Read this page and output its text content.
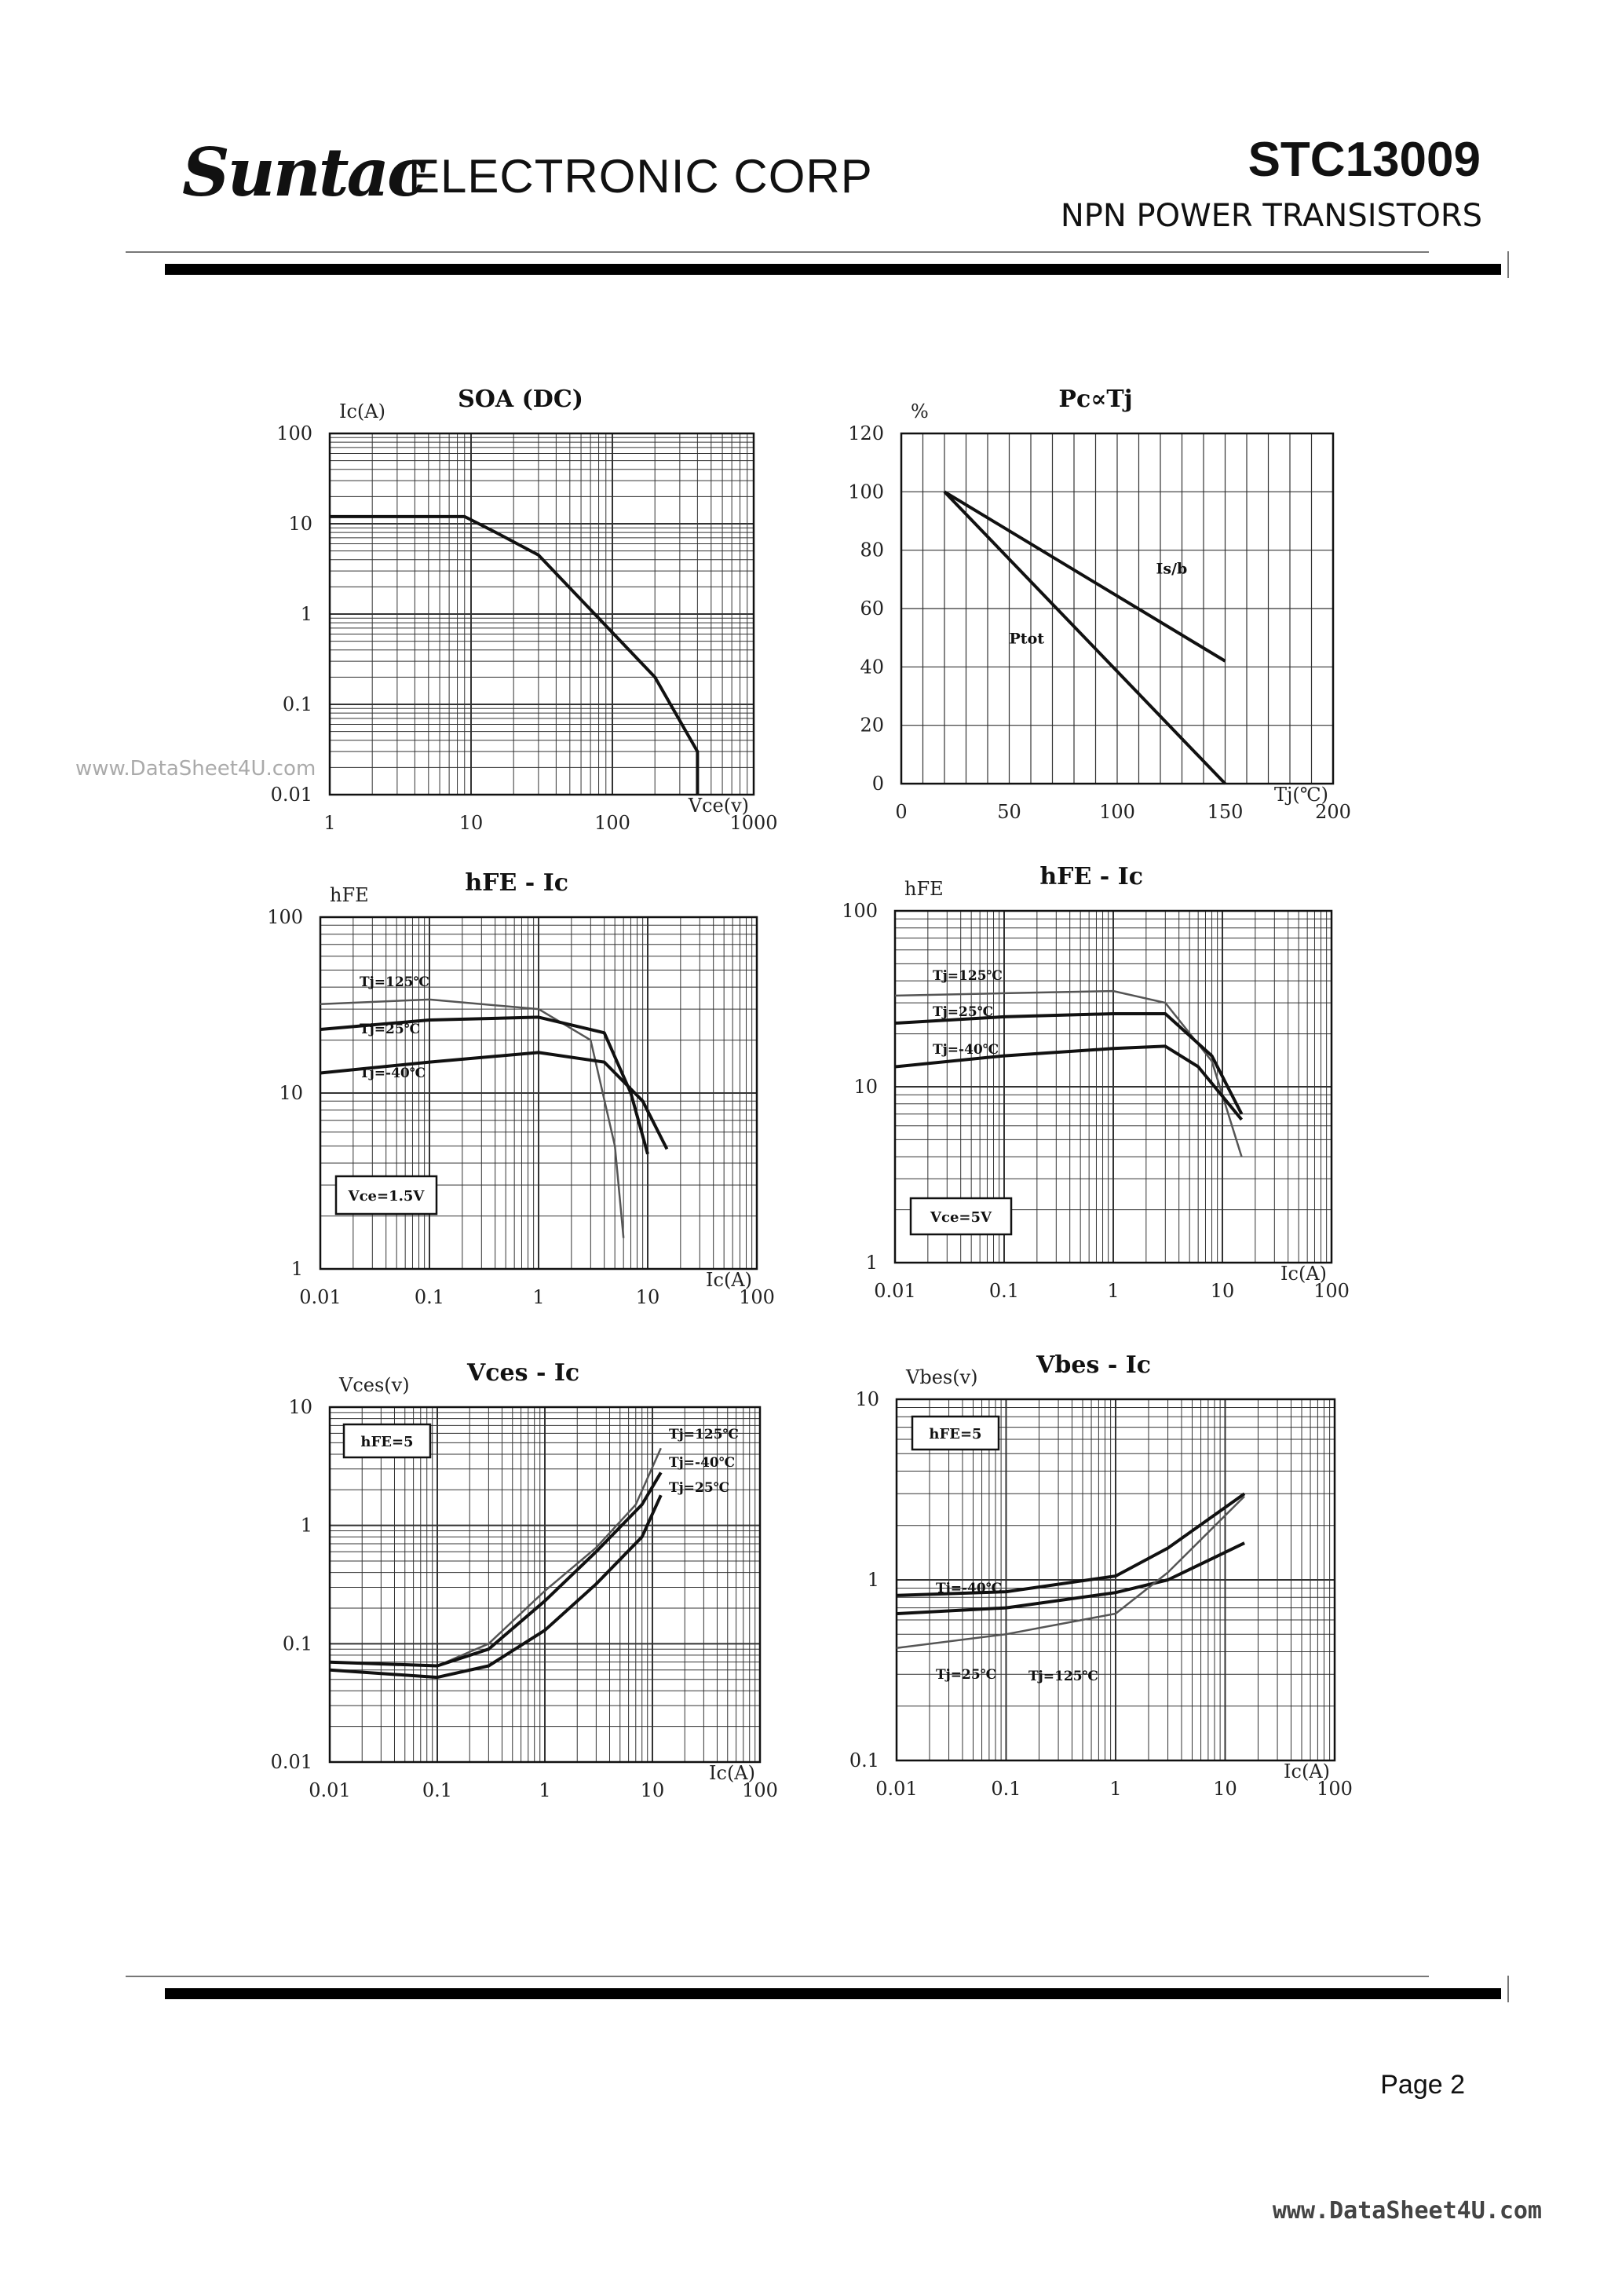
Suntac
ELECTRONIC CORP	STC13009
NPN POWER TRANSISTORS
www.DataSheet4U.com
Page 2
www.DataSheet4U.com
1	10	100	1000
0.01
0.1
1
10
100
SOA (DC)
Ic(A)
Vce(v)	0	50	100	150	200
0
20
40
60
80
100
120
Pc∝Tj
%
Tj(℃)
Is/b
Ptot
0.01	0.1	1	10	100
1
10
100
hFE - Ic
hFE
Ic(A)
Tj=125℃
Tj=25℃
Tj=-40℃
Vce=1.5V
0.01	0.1	1	10	100
1
10
100
hFE - Ic
hFE
Ic(A)
Tj=125℃
Tj=25℃
Tj=-40℃
Vce=5V
0.01	0.1	1	10	100
0.01
0.1
1
10
Vces - Ic
Vces(v)
Ic(A)
Tj=125℃
Tj=-40℃
Tj=25℃
hFE=5
0.01	0.1	1	10	100
0.1
1
10
Vbes - Ic
Vbes(v)
Ic(A)
Tj=-40℃
Tj=25℃ Tj=125℃
hFE=5
